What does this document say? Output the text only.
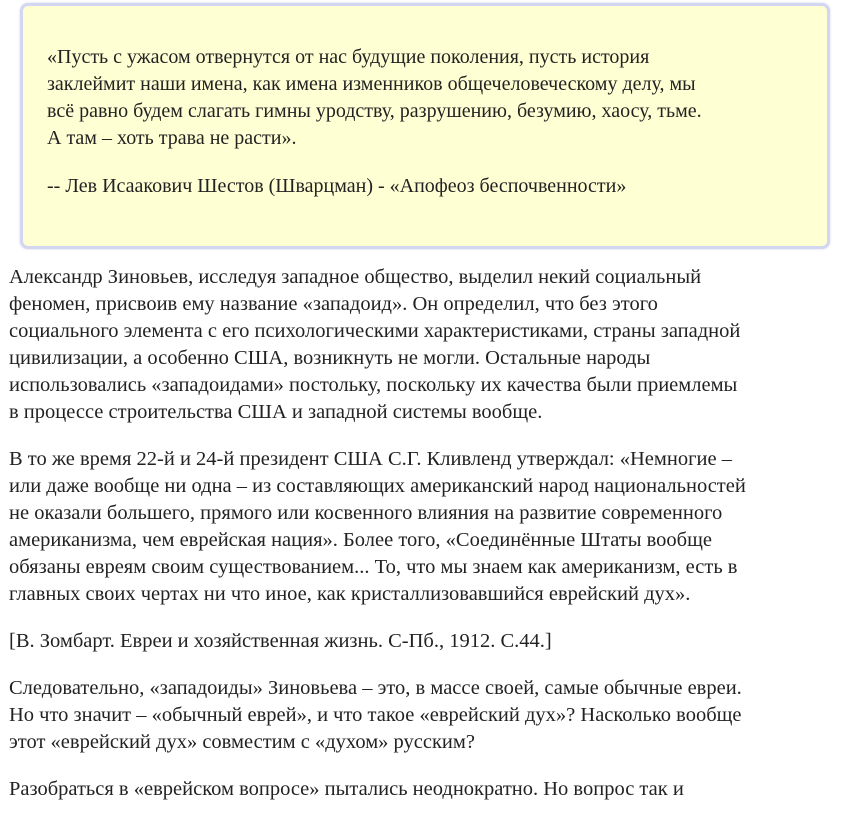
«Пусть с ужасом отвернутся от нас будущие поколения, пусть история
заклеймит наши имена, как имена изменников общечеловеческому делу, мы
всё равно будем слагать гимны уродству, разрушению, безумию, хаосу, тьме.
А там – хоть трава не расти».

-- Лев Исаакович Шестов (Шварцман) - «Апофеоз беспочвенности»

Александр Зиновьев, исследуя западное общество, выделил некий социальный
феномен, присвоив ему название «западоид». Он определил, что без этого
социального элемента с его психологическими характеристиками, страны западной
цивилизации, а особенно США, возникнуть не могли. Остальные народы
использовались «западоидами» постольку, поскольку их качества были приемлемы
в процессе строительства США и западной системы вообще.

В то же время 22-й и 24-й президент США С.Г. Кливленд утверждал: «Немногие –
или даже вообще ни одна – из составляющих американский народ национальностей
не оказали большего, прямого или косвенного влияния на развитие современного
американизма, чем еврейская нация». Более того, «Соединённые Штаты вообще
обязаны евреям своим существованием... То, что мы знаем как американизм, есть в
главных своих чертах ни что иное, как кристаллизовавшийся еврейский дух».

[В. Зомбарт. Евреи и хозяйственная жизнь. С-Пб., 1912. С.44.]

Следовательно, «западоиды» Зиновьева – это, в массе своей, самые обычные евреи.
Но что значит – «обычный еврей», и что такое «еврейский дух»? Насколько вообще
этот «еврейский дух» совместим с «духом» русским?

Разобраться в «еврейском вопросе» пытались неоднократно. Но вопрос так и
